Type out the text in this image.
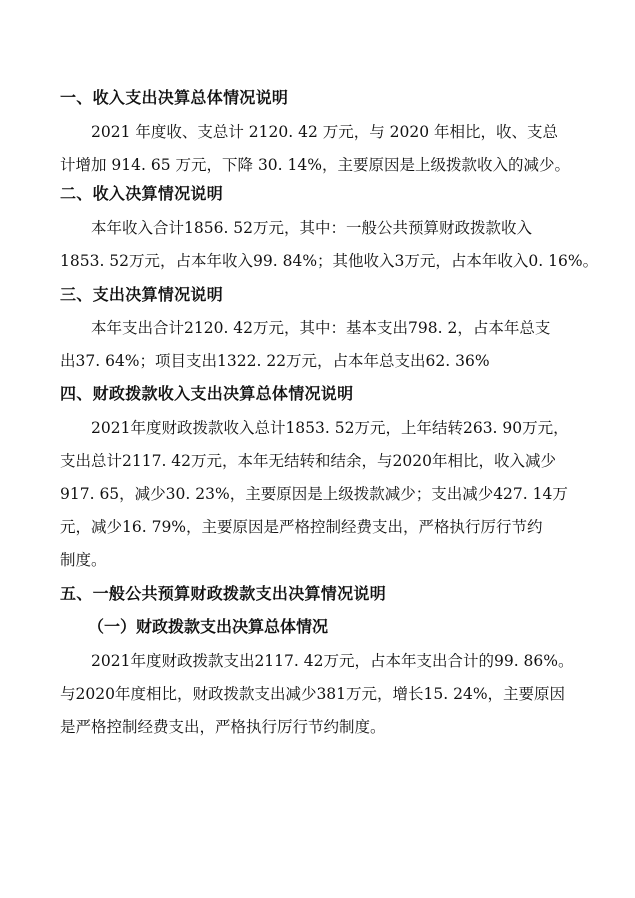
一、收入支出决算总体情况说明
2021 年度收、支总计 2120. 42 万元，与 2020 年相比，收、支总
计增加 914. 65 万元，下降 30. 14%，主要原因是上级拨款收入的减少。
二、收入决算情况说明
本年收入合计1856. 52万元，其中：一般公共预算财政拨款收入
1853. 52万元，占本年收入99. 84%；其他收入3万元，占本年收入0. 16%。
三、支出决算情况说明
本年支出合计2120. 42万元，其中：基本支出798. 2，占本年总支
出37. 64%；项目支出1322. 22万元，占本年总支出62. 36%
四、财政拨款收入支出决算总体情况说明
2021年度财政拨款收入总计1853. 52万元，上年结转263. 90万元，
支出总计2117. 42万元，本年无结转和结余，与2020年相比，收入减少
917. 65，减少30. 23%，主要原因是上级拨款减少；支出减少427. 14万
元，减少16. 79%，主要原因是严格控制经费支出，严格执行厉行节约
制度。
五、一般公共预算财政拨款支出决算情况说明
（一）财政拨款支出决算总体情况
2021年度财政拨款支出2117. 42万元，占本年支出合计的99. 86%。
与2020年度相比，财政拨款支出减少381万元，增长15. 24%，主要原因
是严格控制经费支出，严格执行厉行节约制度。
